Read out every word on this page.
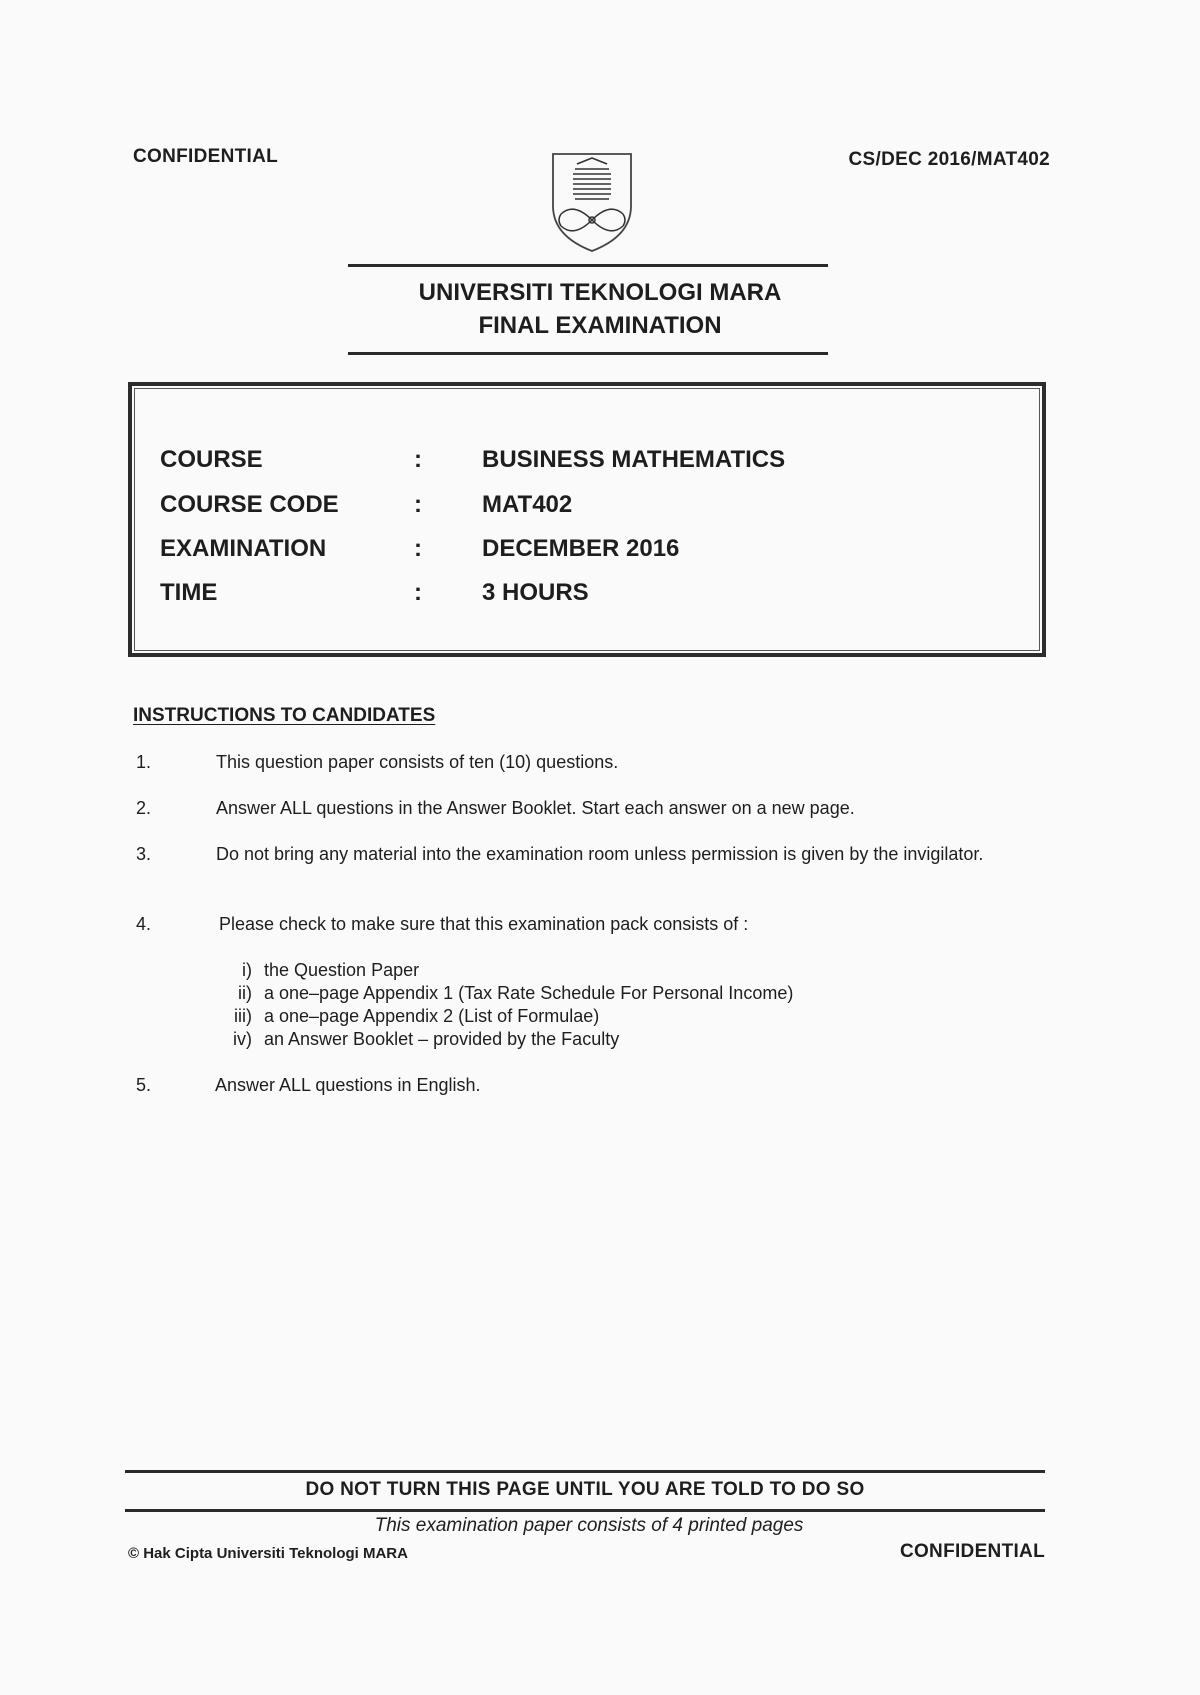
CONFIDENTIAL	CS/DEC 2016/MAT402
UNIVERSITI TEKNOLOGI MARA
FINAL EXAMINATION
COURSE	:	BUSINESS MATHEMATICS
COURSE CODE	:	MAT402
EXAMINATION	:	DECEMBER 2016
TIME	:	3 HOURS
INSTRUCTIONS TO CANDIDATES
1.	This question paper consists of ten (10) questions.
2.	Answer ALL questions in the Answer Booklet. Start each answer on a new page.
3.	Do not bring any material into the examination room unless permission is given by the invigilator.
4.	Please check to make sure that this examination pack consists of :
i) the Question Paper
ii) a one–page Appendix 1 (Tax Rate Schedule For Personal Income)
iii) a one–page Appendix 2 (List of Formulae)
iv) an Answer Booklet – provided by the Faculty
5.	Answer ALL questions in English.
DO NOT TURN THIS PAGE UNTIL YOU ARE TOLD TO DO SO
This examination paper consists of 4 printed pages
© Hak Cipta Universiti Teknologi MARA	CONFIDENTIAL
